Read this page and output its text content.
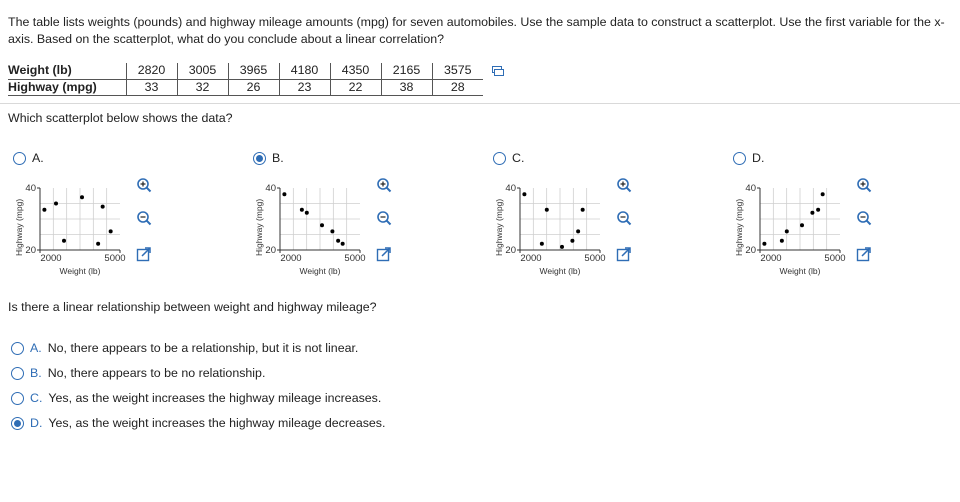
The table lists weights (pounds) and highway mileage amounts (mpg) for seven automobiles. Use the sample data to construct a scatterplot. Use the first variable for the x-axis. Based on the scatterplot, what do you conclude about a linear correlation?
Weight (lb)	2820	3005	3965	4180	4350	2165	3575
Highway (mpg)	33	32	26	23	22	38	28
Which scatterplot below shows the data?
A.	B.	C.	D.
Highway (mpg)
40
20
2000	5000
Weight (lb)
Highway (mpg)
40
20
2000	5000
Weight (lb)
Highway (mpg)
40
20
2000	5000
Weight (lb)
Highway (mpg)
40
20
2000	5000
Weight (lb)
Is there a linear relationship between weight and highway mileage?
A. No, there appears to be a relationship, but it is not linear.
B. No, there appears to be no relationship.
C. Yes, as the weight increases the highway mileage increases.
D. Yes, as the weight increases the highway mileage decreases.
